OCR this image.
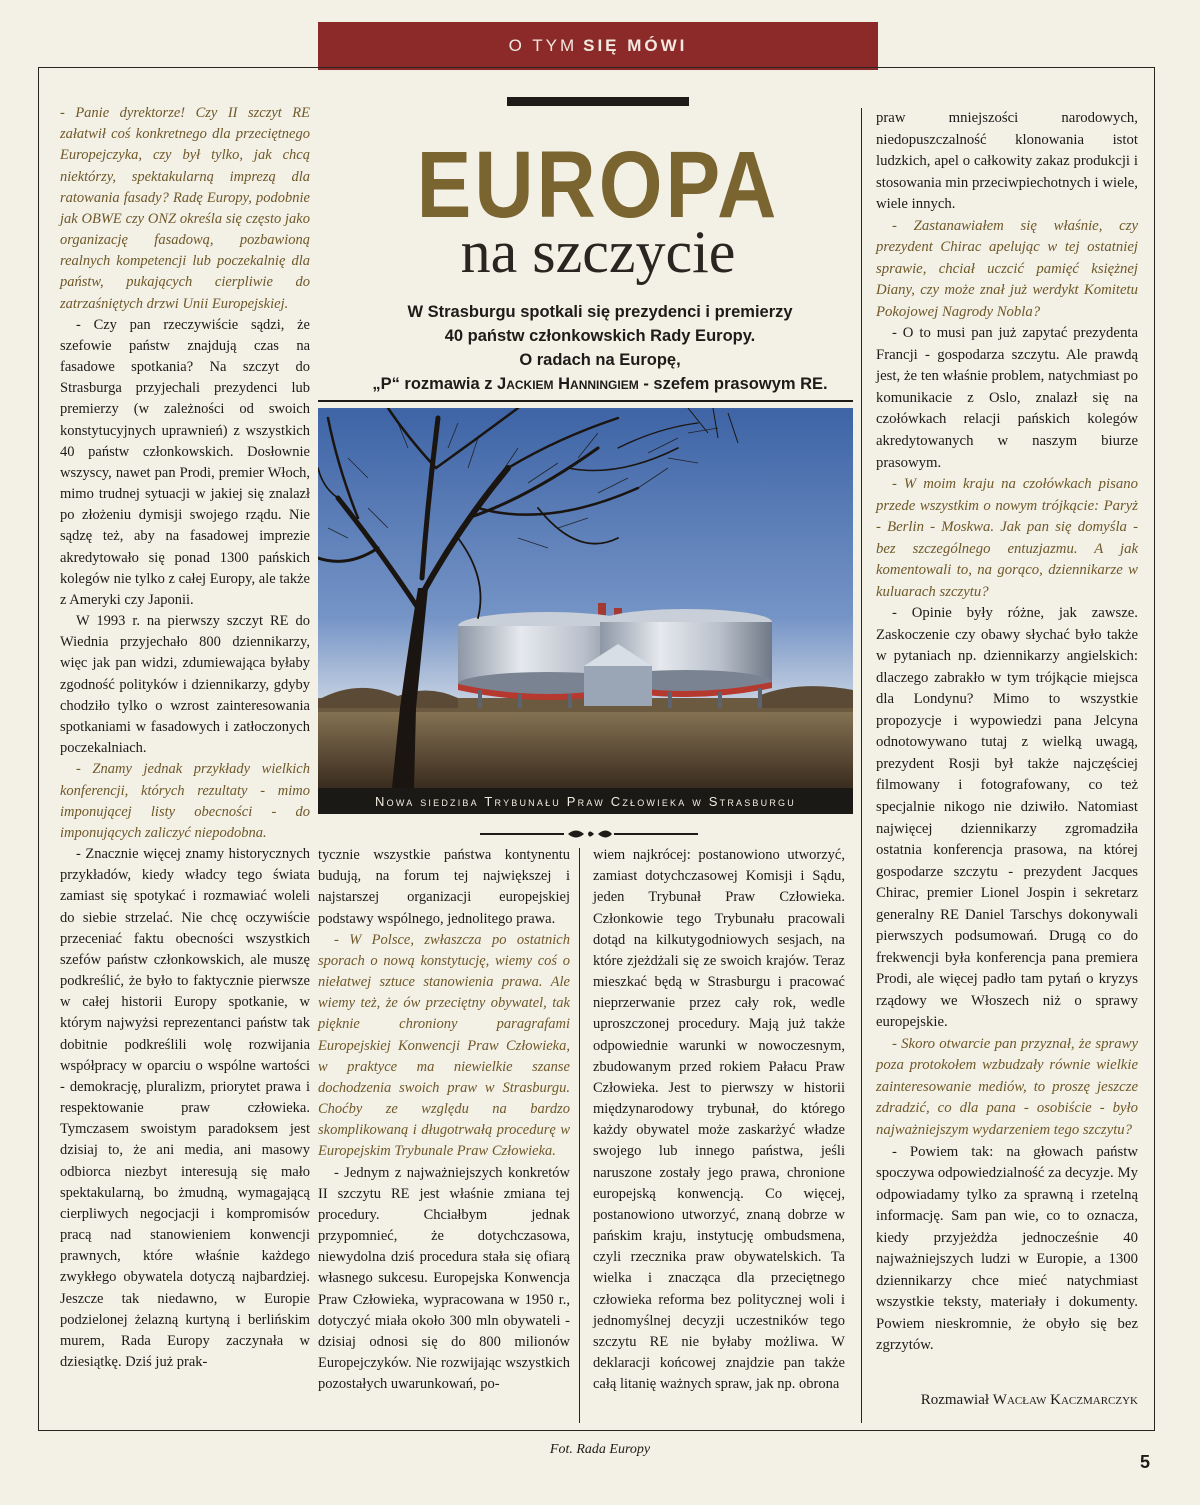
O TYM SIĘ MÓWI
EUROPA
na szczycie
W Strasburgu spotkali się prezydenci i premierzy
40 państw członkowskich Rady Europy.
O radach na Europę,
„P“ rozmawia z Jackiem Hanningiem - szefem prasowym RE.
Nowa siedziba Trybunału Praw Człowieka w Strasburgu

- Panie dyrektorze! Czy II szczyt RE załatwił coś konkretnego dla przeciętnego Europejczyka, czy był tylko, jak chcą niektórzy, spektakularną imprezą dla ratowania fasady? Radę Europy, podobnie jak OBWE czy ONZ określa się często jako organizację fasadową, pozbawioną realnych kompetencji lub poczekalnię dla państw, pukających cierpliwie do zatrzaśniętych drzwi Unii Europejskiej.

- Czy pan rzeczywiście sądzi, że szefowie państw znajdują czas na fasadowe spotkania? Na szczyt do Strasburga przyjechali prezydenci lub premierzy (w zależności od swoich konstytucyjnych uprawnień) z wszystkich 40 państw członkowskich. Dosłownie wszyscy, nawet pan Prodi, premier Włoch, mimo trudnej sytuacji w jakiej się znalazł po złożeniu dymisji swojego rządu. Nie sądzę też, aby na fasadowej imprezie akredytowało się ponad 1300 pańskich kolegów nie tylko z całej Europy, ale także z Ameryki czy Japonii.

W 1993 r. na pierwszy szczyt RE do Wiednia przyjechało 800 dziennikarzy, więc jak pan widzi, zdumiewająca byłaby zgodność polityków i dziennikarzy, gdyby chodziło tylko o wzrost zainteresowania spotkaniami w fasadowych i zatłoczonych poczekalniach.

- Znamy jednak przykłady wielkich konferencji, których rezultaty - mimo imponującej listy obecności - do imponujących zaliczyć niepodobna.

- Znacznie więcej znamy historycznych przykładów, kiedy władcy tego świata zamiast się spotykać i rozmawiać woleli do siebie strzelać. Nie chcę oczywiście przeceniać faktu obecności wszystkich szefów państw członkowskich, ale muszę podkreślić, że było to faktycznie pierwsze w całej historii Europy spotkanie, w którym najwyżsi reprezentanci państw tak dobitnie podkreślili wolę rozwijania współpracy w oparciu o wspólne wartości - demokrację, pluralizm, priorytet prawa i respektowanie praw człowieka. Tymczasem swoistym paradoksem jest dzisiaj to, że ani media, ani masowy odbiorca niezbyt interesują się mało spektakularną, bo żmudną, wymagającą cierpliwych negocjacji i kompromisów pracą nad stanowieniem konwencji prawnych, które właśnie każdego zwykłego obywatela dotyczą najbardziej. Jeszcze tak niedawno, w Europie podzielonej żelazną kurtyną i berlińskim murem, Rada Europy zaczynała w dziesiątkę. Dziś już prak-

tycznie wszystkie państwa kontynentu budują, na forum tej największej i najstarszej organizacji europejskiej podstawy wspólnego, jednolitego prawa.

- W Polsce, zwłaszcza po ostatnich sporach o nową konstytucję, wiemy coś o niełatwej sztuce stanowienia prawa. Ale wiemy też, że ów przeciętny obywatel, tak pięknie chroniony paragrafami Europejskiej Konwencji Praw Człowieka, w praktyce ma niewielkie szanse dochodzenia swoich praw w Strasburgu. Choćby ze względu na bardzo skomplikowaną i długotrwałą procedurę w Europejskim Trybunale Praw Człowieka.

- Jednym z najważniejszych konkretów II szczytu RE jest właśnie zmiana tej procedury. Chciałbym jednak przypomnieć, że dotychczasowa, niewydolna dziś procedura stała się ofiarą własnego sukcesu. Europejska Konwencja Praw Człowieka, wypracowana w 1950 r., dotyczyć miała około 300 mln obywateli - dzisiaj odnosi się do 800 milionów Europejczyków. Nie rozwijając wszystkich pozostałych uwarunkowań, po-

wiem najkrócej: postanowiono utworzyć, zamiast dotychczasowej Komisji i Sądu, jeden Trybunał Praw Człowieka. Członkowie tego Trybunału pracowali dotąd na kilkutygodniowych sesjach, na które zjeżdżali się ze swoich krajów. Teraz mieszkać będą w Strasburgu i pracować nieprzerwanie przez cały rok, wedle uproszczonej procedury. Mają już także odpowiednie warunki w nowoczesnym, zbudowanym przed rokiem Pałacu Praw Człowieka. Jest to pierwszy w historii międzynarodowy trybunał, do którego każdy obywatel może zaskarżyć władze swojego lub innego państwa, jeśli naruszone zostały jego prawa, chronione europejską konwencją. Co więcej, postanowiono utworzyć, znaną dobrze w pańskim kraju, instytucję ombudsmena, czyli rzecznika praw obywatelskich. Ta wielka i znacząca dla przeciętnego człowieka reforma bez politycznej woli i jednomyślnej decyzji uczestników tego szczytu RE nie byłaby możliwa. W deklaracji końcowej znajdzie pan także całą litanię ważnych spraw, jak np. obrona

praw mniejszości narodowych, niedopuszczalność klonowania istot ludzkich, apel o całkowity zakaz produkcji i stosowania min przeciwpiechotnych i wiele, wiele innych.

- Zastanawiałem się właśnie, czy prezydent Chirac apelując w tej ostatniej sprawie, chciał uczcić pamięć księżnej Diany, czy może znał już werdykt Komitetu Pokojowej Nagrody Nobla?

- O to musi pan już zapytać prezydenta Francji - gospodarza szczytu. Ale prawdą jest, że ten właśnie problem, natychmiast po komunikacie z Oslo, znalazł się na czołówkach relacji pańskich kolegów akredytowanych w naszym biurze prasowym.

- W moim kraju na czołówkach pisano przede wszystkim o nowym trójkącie: Paryż - Berlin - Moskwa. Jak pan się domyśla - bez szczególnego entuzjazmu. A jak komentowali to, na gorąco, dziennikarze w kuluarach szczytu?

- Opinie były różne, jak zawsze. Zaskoczenie czy obawy słychać było także w pytaniach np. dziennikarzy angielskich: dlaczego zabrakło w tym trójkącie miejsca dla Londynu? Mimo to wszystkie propozycje i wypowiedzi pana Jelcyna odnotowywano tutaj z wielką uwagą, prezydent Rosji był także najczęściej filmowany i fotografowany, co też specjalnie nikogo nie dziwiło. Natomiast najwięcej dziennikarzy zgromadziła ostatnia konferencja prasowa, na której gospodarze szczytu - prezydent Jacques Chirac, premier Lionel Jospin i sekretarz generalny RE Daniel Tarschys dokonywali pierwszych podsumowań. Drugą co do frekwencji była konferencja pana premiera Prodi, ale więcej padło tam pytań o kryzys rządowy we Włoszech niż o sprawy europejskie.

- Skoro otwarcie pan przyznał, że sprawy poza protokołem wzbudzały równie wielkie zainteresowanie mediów, to proszę jeszcze zdradzić, co dla pana - osobiście - było najważniejszym wydarzeniem tego szczytu?

- Powiem tak: na głowach państw spoczywa odpowiedzialność za decyzje. My odpowiadamy tylko za sprawną i rzetelną informację. Sam pan wie, co to oznacza, kiedy przyjeżdża jednocześnie 40 najważniejszych ludzi w Europie, a 1300 dziennikarzy chce mieć natychmiast wszystkie teksty, materiały i dokumenty. Powiem nieskromnie, że obyło się bez zgrzytów.

Rozmawiał Wacław Kaczmarczyk
Fot. Rada Europy
5
